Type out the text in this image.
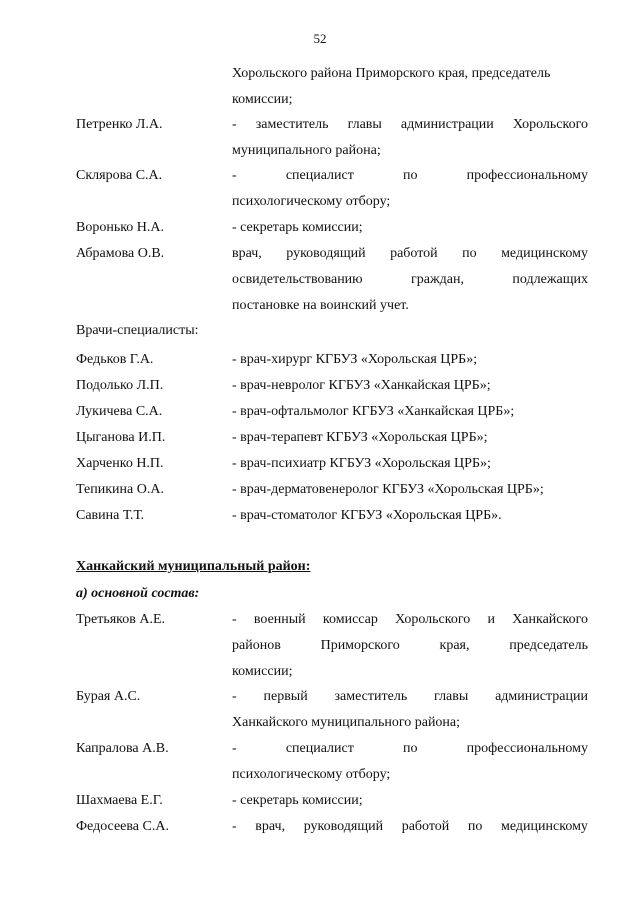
52
Хорольского района Приморского края, председатель
комиссии;
Петренко Л.А.	- заместитель главы администрации Хорольского
муниципального района;
Склярова С.А.	-	специалист	по	профессиональному
психологическому отбору;
Воронько Н.А.	- секретарь комиссии;
Абрамова О.В.	врач, руководящий работой по медицинскому
освидетельствованию	граждан,	подлежащих
постановке на воинский учет.
Врачи-специалисты:
Федьков Г.А.	- врач-хирург КГБУЗ «Хорольская ЦРБ»;
Подолько Л.П.	- врач-невролог КГБУЗ «Ханкайская ЦРБ»;
Лукичева С.А.	- врач-офтальмолог КГБУЗ «Ханкайская ЦРБ»;
Цыганова И.П.	- врач-терапевт КГБУЗ «Хорольская ЦРБ»;
Харченко Н.П.	- врач-психиатр КГБУЗ «Хорольская ЦРБ»;
Тепикина О.А.	- врач-дерматовенеролог КГБУЗ «Хорольская ЦРБ»;
Савина Т.Т.	- врач-стоматолог КГБУЗ «Хорольская ЦРБ».
Ханкайский муниципальный район:
а) основной состав:
Третьяков А.Е.	- военный комиссар Хорольского и Ханкайского
районов	Приморского	края,	председатель
комиссии;
Бурая А.С.	- первый заместитель главы администрации
Ханкайского муниципального района;
Капралова А.В.	-	специалист	по	профессиональному
психологическому отбору;
Шахмаева Е.Г.	- секретарь комиссии;
Федосеева С.А.	- врач, руководящий работой по медицинскому
